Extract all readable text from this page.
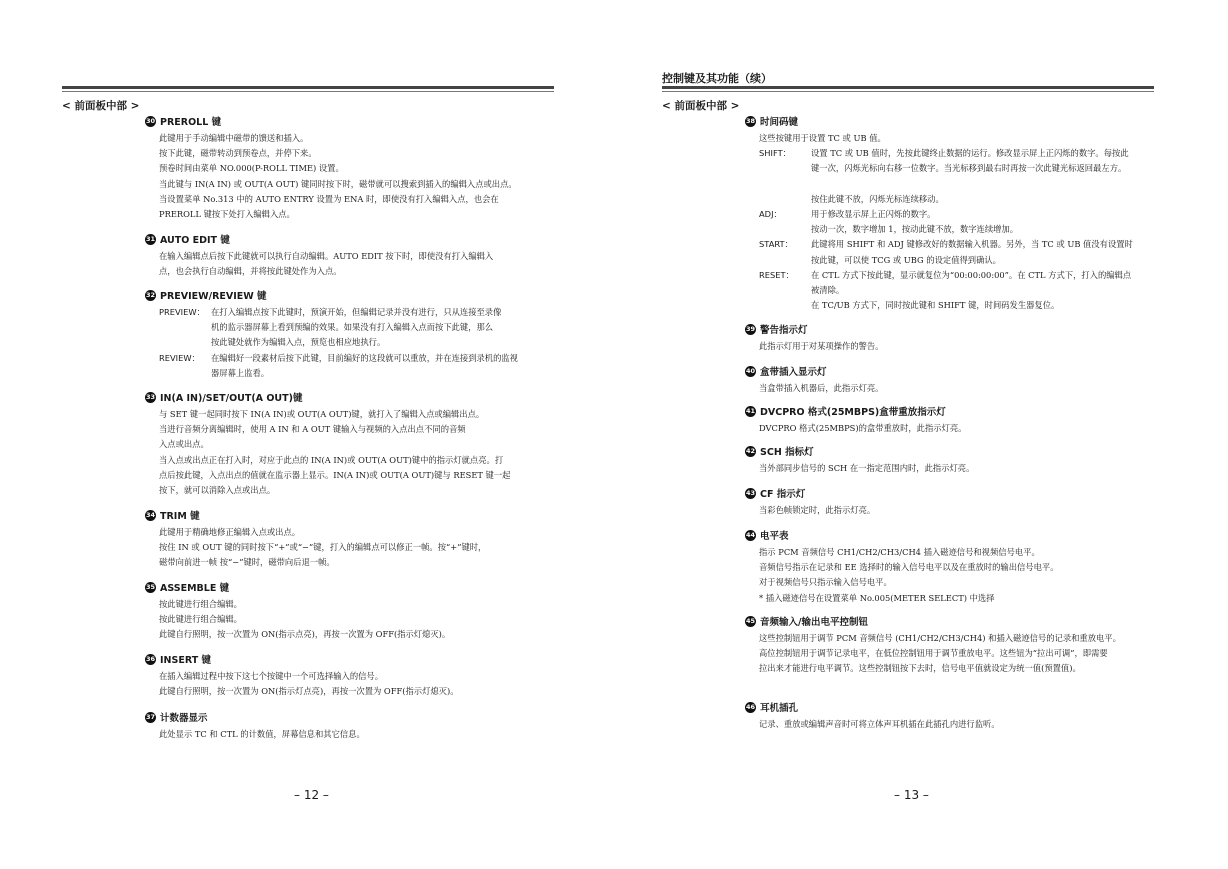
< 前面板中部 >
30 PREROLL 键
此键用于手动编辑中磁带的馈送和插入。
按下此键，磁带转动到预卷点，并停下来。
预卷时间由菜单 NO.000(P-ROLL TIME) 设置。
当此键与 IN(A IN) 或 OUT(A OUT) 键同时按下时，磁带就可以搜索到插入的编辑入点或出点。
当设置菜单 No.313 中的 AUTO ENTRY 设置为 ENA 时，即使没有打入编辑入点，也会在
PREROLL 键按下处打入编辑入点。
31 AUTO EDIT 键
在输入编辑点后按下此键就可以执行自动编辑。AUTO EDIT 按下时，即使没有打入编辑入
点，也会执行自动编辑，并将按此键处作为入点。
32 PREVIEW/REVIEW 键
PREVIEW： 在打入编辑点按下此键时，预演开始，但编辑记录并没有进行，只从连接至录像
机的监示器屏幕上看到预编的效果。如果没有打入编辑入点而按下此键，那么
按此键处就作为编辑入点，预览也相应地执行。
REVIEW：	在编辑好一段素材后按下此键，目前编好的这段就可以重放，并在连接到录机的监视
器屏幕上监看。
33 IN(A IN)/SET/OUT(A OUT)键
与 SET 键一起同时按下 IN(A IN)或 OUT(A OUT)键，就打入了编辑入点或编辑出点。
当进行音频分离编辑时，使用 A IN 和 A OUT 键输入与视频的入点出点不同的音频
入点或出点。
当入点或出点正在打入时，对应于此点的 IN(A IN)或 OUT(A OUT)键中的指示灯就点亮。打
点后按此键，入点出点的值就在监示器上显示。IN(A IN)或 OUT(A OUT)键与 RESET 键一起
按下，就可以消除入点或出点。
34 TRIM 键
此键用于精确地修正编辑入点或出点。
按住 IN 或 OUT 键的同时按下“+”或“−”键，打入的编辑点可以修正一帧。按“+”键时，
磁带向前进一帧 按“−”键时，磁带向后退一帧。
35 ASSEMBLE 键
按此键进行组合编辑。
按此键进行组合编辑。
此键自行照明，按一次置为 ON(指示点亮)，再按一次置为 OFF(指示灯熄灭)。
36 INSERT 键
在插入编辑过程中按下这七个按键中一个可选择输入的信号。
此键自行照明，按一次置为 ON(指示灯点亮)，再按一次置为 OFF(指示灯熄灭)。
37 计数器显示
此处显示 TC 和 CTL 的计数值，屏幕信息和其它信息。
– 12 –
控制键及其功能（续）
< 前面板中部 >
38 时间码键
这些按键用于设置 TC 或 UB 值。
SHIFT：	设置 TC 或 UB 值时，先按此键终止数据的运行。修改显示屏上正闪烁的数字。每按此
键一次，闪烁光标向右移一位数字。当光标移到最右时再按一次此键光标返回最左方。
按住此键不放，闪烁光标连续移动。
ADJ：	用于修改显示屏上正闪烁的数字。
按动一次，数字增加 1，按动此键不放，数字连续增加。
START：	此键将用 SHIFT 和 ADJ 键修改好的数据输入机器。另外，当 TC 或 UB 值没有设置时
按此键，可以使 TCG 或 UBG 的设定值得到确认。
RESET：	在 CTL 方式下按此键，显示就复位为“00:00:00:00”。在 CTL 方式下，打入的编辑点
被清除。
在 TC/UB 方式下，同时按此键和 SHIFT 键，时间码发生器复位。
39 警告指示灯
此指示灯用于对某项操作的警告。
40 盒带插入显示灯
当盒带插入机器后，此指示灯亮。
41 DVCPRO 格式(25MBPS)盒带重放指示灯
DVCPRO 格式(25MBPS)的盒带重放时，此指示灯亮。
42 SCH 指标灯
当外部同步信号的 SCH 在一指定范围内时，此指示灯亮。
43 CF 指示灯
当彩色帧锁定时，此指示灯亮。
44 电平表
指示 PCM 音频信号 CH1/CH2/CH3/CH4 插入磁迹信号和视频信号电平。
音频信号指示在记录和 EE 选择时的输入信号电平以及在重放时的输出信号电平。
对于视频信号只指示输入信号电平。
* 插入磁迹信号在设置菜单 No.005(METER SELECT) 中选择
45 音频输入/输出电平控制钮
这些控制钮用于调节 PCM 音频信号 (CH1/CH2/CH3/CH4) 和插入磁迹信号的记录和重放电平。
高位控制钮用于调节记录电平，在低位控制钮用于调节重放电平。这些钮为“拉出可调”，即需要
拉出来才能进行电平调节。这些控制钮按下去时，信号电平值就设定为统一值(预置值)。
46 耳机插孔
记录、重放或编辑声音时可将立体声耳机插在此插孔内进行监听。
– 13 –
